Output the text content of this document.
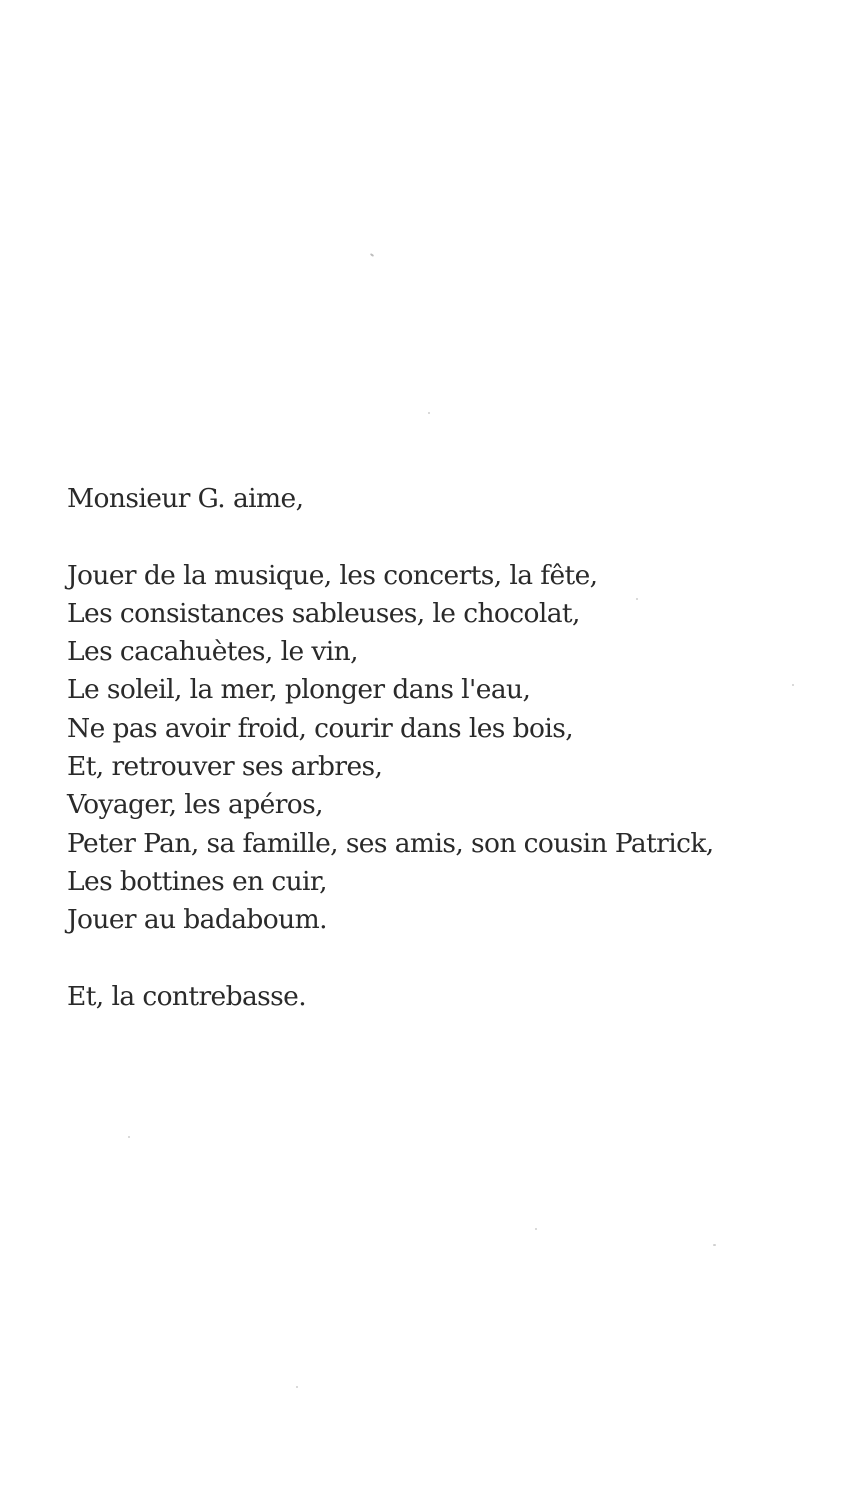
Monsieur G. aime,
Jouer de la musique, les concerts, la fête,
Les consistances sableuses, le chocolat,
Les cacahuètes, le vin,
Le soleil, la mer, plonger dans l'eau,
Ne pas avoir froid, courir dans les bois,
Et, retrouver ses arbres,
Voyager, les apéros,
Peter Pan, sa famille, ses amis, son cousin Patrick,
Les bottines en cuir,
Jouer au badaboum.
Et, la contrebasse.
